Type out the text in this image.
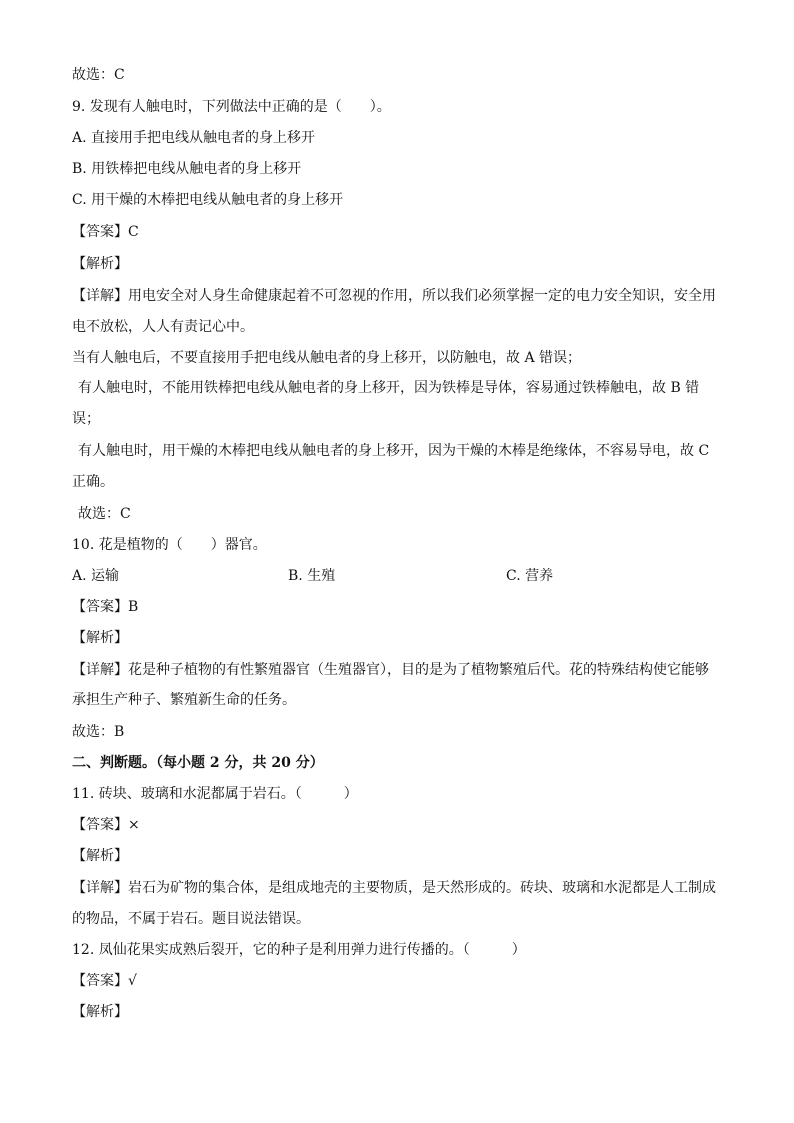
故选：C
9. 发现有人触电时，下列做法中正确的是（　　）。
A. 直接用手把电线从触电者的身上移开
B. 用铁棒把电线从触电者的身上移开
C. 用干燥的木棒把电线从触电者的身上移开
【答案】C
【解析】
【详解】用电安全对人身生命健康起着不可忽视的作用，所以我们必须掌握一定的电力安全知识，安全用
电不放松，人人有责记心中。
当有人触电后，不要直接用手把电线从触电者的身上移开，以防触电，故 A 错误；
有人触电时，不能用铁棒把电线从触电者的身上移开，因为铁棒是导体，容易通过铁棒触电，故 B 错
误；
有人触电时，用干燥的木棒把电线从触电者的身上移开，因为干燥的木棒是绝缘体，不容易导电，故 C
正确。
故选：C
10. 花是植物的（　　）器官。
A. 运输	B. 生殖	C. 营养
【答案】B
【解析】
【详解】花是种子植物的有性繁殖器官（生殖器官），目的是为了植物繁殖后代。花的特殊结构使它能够
承担生产种子、繁殖新生命的任务。
故选：B
二、判断题。（每小题 2 分，共 20 分）
11. 砖块、玻璃和水泥都属于岩石。（　　　）
【答案】×
【解析】
【详解】岩石为矿物的集合体，是组成地壳的主要物质，是天然形成的。砖块、玻璃和水泥都是人工制成
的物品，不属于岩石。题目说法错误。
12. 凤仙花果实成熟后裂开，它的种子是利用弹力进行传播的。（　　　）
【答案】√
【解析】
